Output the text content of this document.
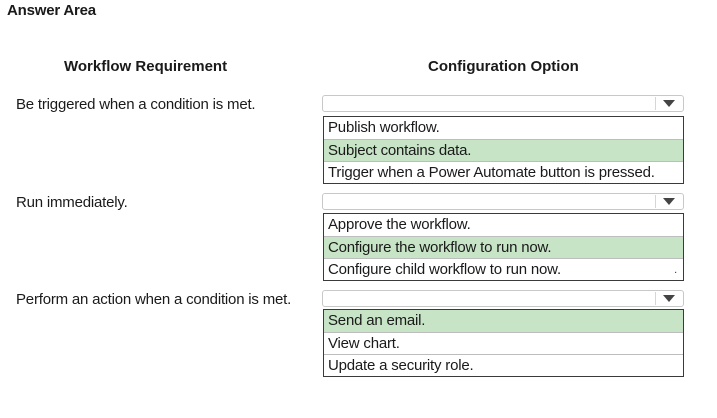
Answer Area
Workflow Requirement	Configuration Option
Be triggered when a condition is met.
Publish workflow.
Subject contains data.
Trigger when a Power Automate button is pressed.
Run immediately.
Approve the workflow.
Configure the workflow to run now.
Configure child workflow to run now.	.
Perform an action when a condition is met.
Send an email.
View chart.
Update a security role.
